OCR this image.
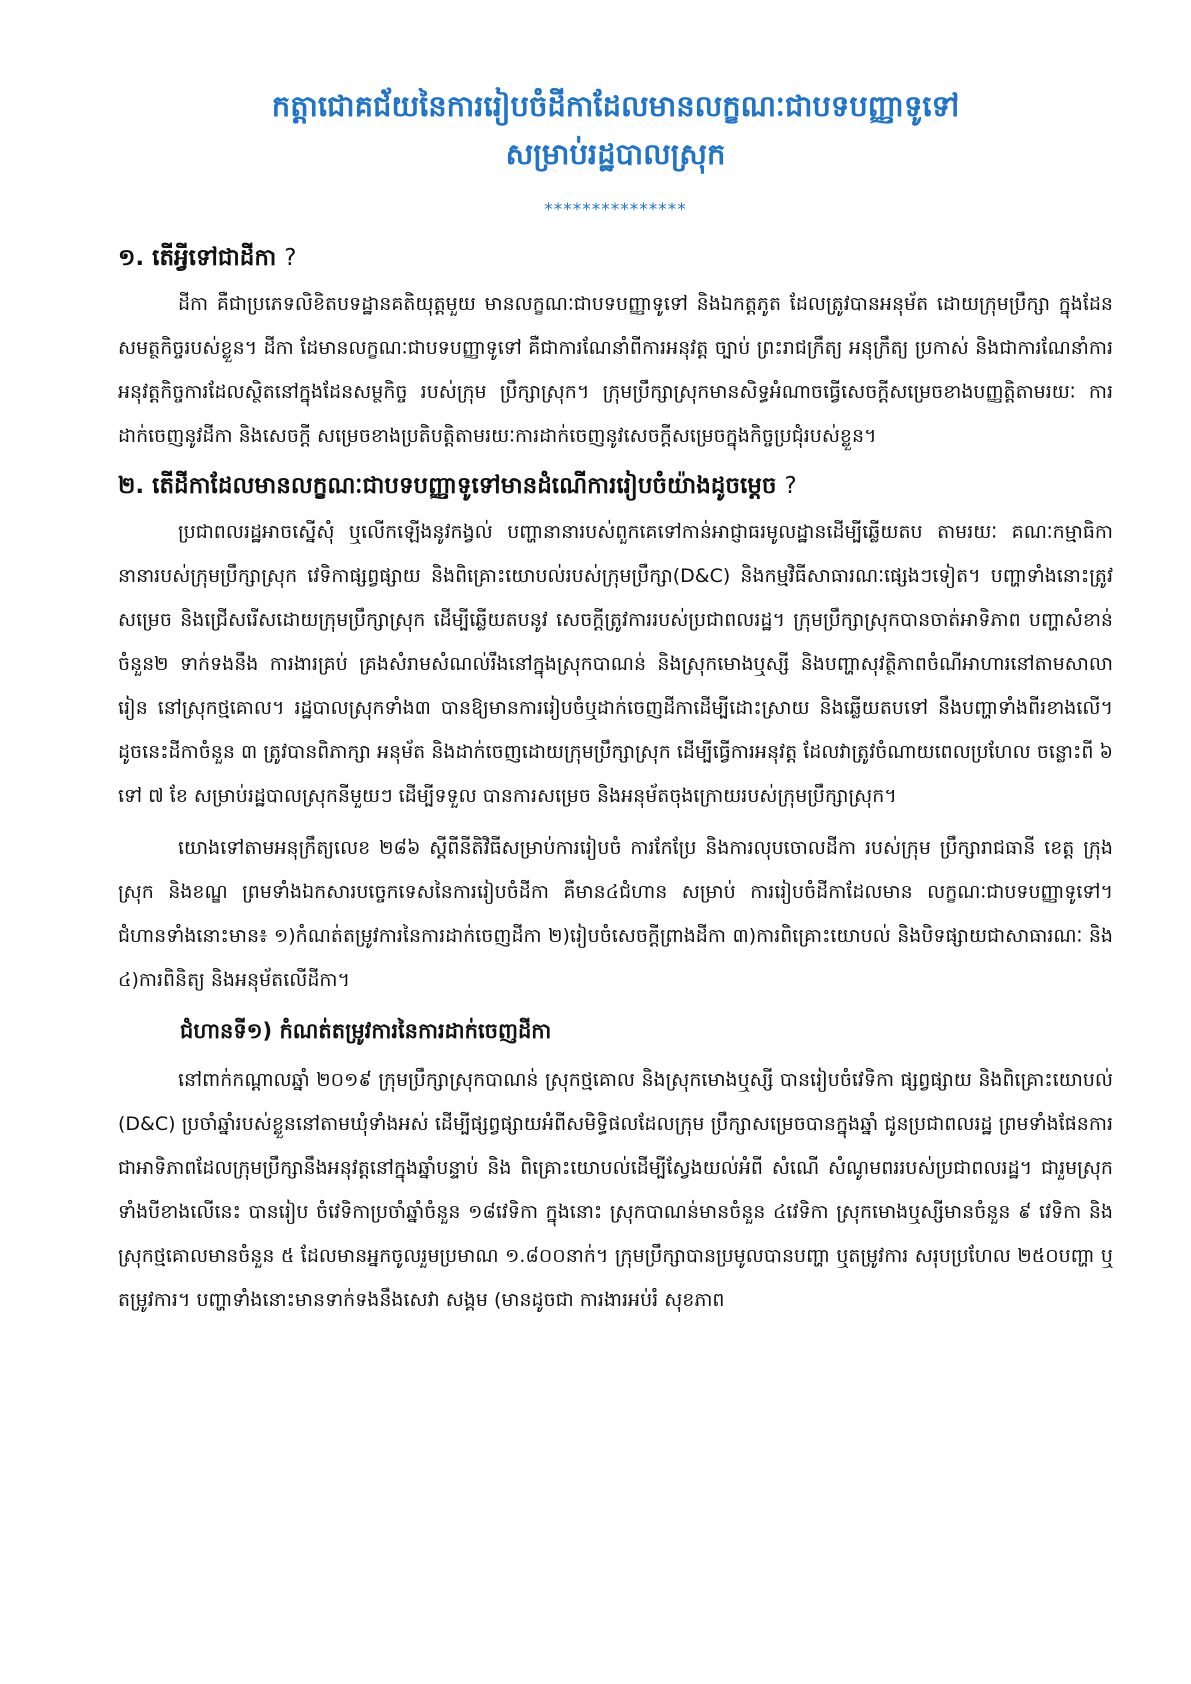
កត្តាជោគជ័យនៃការរៀបចំដីកាដែលមានលក្ខណៈជាបទបញ្ញាទូទៅ
សម្រាប់រដ្ឋបាលស្រុក
***************
១. តើអ្វីទៅជាដីកា ?

ដីកា គឺជាប្រភេទលិខិតបទដ្ឋានគតិយុត្តមួយ មានលក្ខណៈជាបទបញ្ញាទូទៅ និងឯកត្តភូត ដែលត្រូវបានអនុម័ត ដោយក្រុមប្រឹក្សា ក្នុងដែនសមត្ថកិច្ចរបស់ខ្លួន។ ដីកា ដែមានលក្ខណៈជាបទបញ្ញាទូទៅ គឺជាការណែនាំពីការអនុវត្ត ច្បាប់ ព្រះរាជក្រឹត្យ អនុក្រឹត្យ ប្រកាស់ និងជាការណែនាំការអនុវត្តកិច្ចការដែលស្ថិតនៅក្នុងដែនសម្ថកិច្ច របស់ក្រុម ប្រឹក្សាស្រុក។ ក្រុមប្រឹក្សាស្រុកមានសិទ្ធអំណាចធ្វើសេចក្តីសម្រេចខាងបញ្ញត្តិតាមរយៈ ការដាក់ចេញនូវដីកា និងសេចក្តី សម្រេចខាងប្រតិបត្តិតាមរយៈការដាក់ចេញនូវសេចក្តីសម្រេចក្នុងកិច្ចប្រជុំរបស់ខ្លួន។

២. តើដីកាដែលមានលក្ខណៈជាបទបញ្ញាទូទៅមានដំណើការរៀបចំយ៉ាងដូចម្តេច ?

ប្រជាពលរដ្ឋអាចស្នើសុំ ឬលើកឡើងនូវកង្វល់ បញ្ហានានារបស់ពួកគេទៅកាន់អាជ្ញាធរមូលដ្ឋានដើម្បីឆ្លើយតប តាមរយៈ គណៈកម្មាធិកានានារបស់ក្រុមប្រឹក្សាស្រុក វេទិកាផ្សព្វផ្សាយ និងពិគ្រោះយោបល់របស់ក្រុមប្រឹក្សា(D&C) និងកម្មវិធីសាធារណៈផ្សេងៗទៀត។ បញ្ហាទាំងនោះត្រូវសម្រេច និងជ្រើសរើសដោយក្រុមប្រឹក្សាស្រុក ដើម្បីឆ្លើយតបនូវ សេចក្តីត្រូវការរបស់ប្រជាពលរដ្ឋ។ ក្រុមប្រឹក្សាស្រុកបានចាត់អាទិភាព បញ្ហាសំខាន់ចំនួន២ ទាក់ទងនឹង ការងារគ្រប់ គ្រងសំរាមសំណល់រឹងនៅក្នុងស្រុកបាណន់ និងស្រុកមោងឬស្សី និងបញ្ហាសុវត្ថិភាពចំណីអាហារនៅតាមសាលារៀន នៅស្រុកថ្មគោល។ រដ្ឋបាលស្រុកទាំង៣ បានឱ្យមានការរៀបចំឬដាក់ចេញដីកាដើម្បីដោះស្រាយ និងឆ្លើយតបទៅ នឹងបញ្ហាទាំងពីរខាងលើ។ ដូចនេះដីកាចំនួន ៣ ត្រូវបានពិភាក្សា អនុម័ត និងដាក់ចេញដោយក្រុមប្រឹក្សាស្រុក ដើម្បីធ្វើការអនុវត្ត ដែលវាត្រូវចំណាយពេលប្រហែល ចន្លោះពី ៦ ទៅ ៧ ខែ សម្រាប់រដ្ឋបាលស្រុកនីមួយៗ ដើម្បីទទួល បានការសម្រេច និងអនុម័តចុងក្រោយរបស់ក្រុមប្រឹក្សាស្រុក។

យោងទៅតាមអនុក្រឹត្យលេខ ២៨៦ ស្តីពីនីតិវិធីសម្រាប់ការរៀបចំ ការកែប្រែ និងការលុបចោលដីកា របស់ក្រុម ប្រឹក្សារាជធានី ខេត្ត ក្រុង ស្រុក និងខណ្ឌ ព្រមទាំងឯកសារបច្ចេកទេសនៃការរៀបចំដីកា គឺមាន៤ជំហាន សម្រាប់ ការរៀបចំដីកាដែលមាន លក្ខណៈជាបទបញ្ញាទូទៅ។ ជំហានទាំងនោះមាន៖ ១)កំណត់តម្រូវការនៃការដាក់ចេញដីកា ២)រៀបចំសេចក្តីព្រាងដីកា ៣)ការពិគ្រោះយោបល់ និងបិទផ្សាយជាសាធារណៈ និង ៤)ការពិនិត្យ និងអនុម័តលើដីកា។

ជំហានទី១) កំណត់តម្រូវការនៃការដាក់ចេញដីកា

នៅពាក់កណ្តាលឆ្នាំ ២០១៩ ក្រុមប្រឹក្សាស្រុកបាណន់ ស្រុកថ្មគោល និងស្រុកមោងឬស្សី បានរៀបចំវេទិកា ផ្សព្វផ្សាយ និងពិគ្រោះយោបល់ (D&C) ប្រចាំឆ្នាំរបស់ខ្លួននៅតាមឃុំទាំងអស់ ដើម្បីផ្សព្វផ្សាយអំពីសមិទ្ធិផលដែលក្រុម ប្រឹក្សាសម្រេចបានក្នុងឆ្នាំ ជូនប្រជាពលរដ្ឋ ព្រមទាំងផែនការជាអាទិភាពដែលក្រុមប្រឹក្សានឹងអនុវត្តនៅក្នុងឆ្នាំបន្ទាប់ និង ពិគ្រោះយោបល់ដើម្បីស្វែងយល់អំពី សំណើ សំណូមពររបស់ប្រជាពលរដ្ឋ។ ជារួមស្រុកទាំងបីខាងលើនេះ បានរៀប ចំវេទិកាប្រចាំឆ្នាំចំនួន ១៨វេទិកា ក្នុងនោះ ស្រុកបាណន់មានចំនួន ៤វេទិកា ស្រុកមោងឬស្សីមានចំនួន ៩ វេទិកា និង ស្រុកថ្មគោលមានចំនួន ៥ ដែលមានអ្នកចូលរួមប្រមាណ ១.៨០០នាក់។ ក្រុមប្រឹក្សាបានប្រមូលបានបញ្ហា ឬតម្រូវការ សរុបប្រហែល ២៥០បញ្ហា ឬតម្រូវការ។ បញ្ហាទាំងនោះមានទាក់ទងនឹងសេវា សង្គម (មានដូចជា ការងារអប់រំ សុខភាព
